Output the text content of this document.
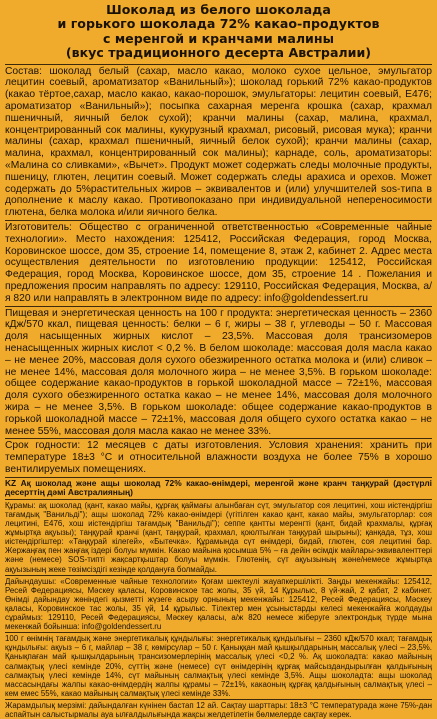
Шоколад из белого шоколада
и горького шоколада 72% какао-продуктов
с меренгой и кранчами малины
(вкус традиционного десерта Австралии)

Состав: шоколад белый (сахар, масло какао, молоко сухое цельное, эмульгатор лецитин соевый, ароматизатор «Ванильный»); шоколад горький 72% какао-продуктов (какао тёртое,сахар, масло какао, какао-порошок, эмульгаторы: лецитин соевый, Е476; ароматизатор «Ванильный»); посыпка сахарная меренга крошка (сахар, крахмал пшеничный, яичный белок сухой); кранчи малины (сахар, малина, крахмал, концентрированный сок малины, кукурузный крахмал, рисовый, рисовая мука); кранчи малины (сахар, крахмал пшеничный, яичный белок сухой); кранчи малины (сахар, малина, крахмал, концентрированный сок малины); карнаде, соль, ароматизаторы: «Малина со сливками», «Вычет». Продукт может содержать следы молочные продукты, пшеницу, глютен, лецитин соевый. Может содержать следы арахиса и орехов. Может содержать до 5%растительных жиров – эквивалентов и (или) улучшителей sos-типа в дополнение к маслу какао. Противопоказано при индивидуальной непереносимости глютена, белка молока и/или яичного белка.

Изготовитель: Общество с ограниченной ответственностью «Современные чайные технологии». Место нахождения: 125412, Российская Федерация, город Москва, Коровинское шоссе, дом 35, строение 14, помещение 8, этаж 2, кабинет 2. Адрес места осуществления деятельности по изготовлению продукции: 125412, Российская Федерация, город Москва, Коровинское шоссе, дом 35, строение 14 . Пожелания и предложения просим направлять по адресу: 129110, Российская Федерация, Москва, а/я 820 или направлять в электронном виде по адресу: info@goldendessert.ru

Пищевая и энергетическая ценность на 100 г продукта: энергетическая ценность – 2360 кДж/570 ккал, пищевая ценность: белки – 6 г, жиры – 38 г, углеводы – 50 г. Массовая доля насыщенных жирных кислот – 23,5%. Массовая доля трансизомеров ненасыщенных жирных кислот < 0,2 %. В белом шоколаде: массовая доля масла какао – не менее 20%, массовая доля сухого обезжиренного остатка молока и (или) сливок – не менее 14%, массовая доля молочного жира – не менее 3,5%. В горьком шоколаде: общее содержание какао-продуктов в горькой шоколадной массе – 72±1%, массовая доля сухого обезжиренного остатка какао – не менее 14%, массовая доля молочного жира – не менее 3,5%. В горьком шоколаде: общее содержание какао-продуктов в горькой шоколадной массе – 72±1%, массовая доля общего сухого остатка какао – не менее 55%, массовая доля масла какао не менее 33%.

Срок годности: 12 месяцев с даты изготовления. Условия хранения: хранить при температуре 18±3 °С и относительной влажности воздуха не более 75% в хорошо вентилируемых помещениях.

KZ Ақ шоколад және ащы шоколад 72% какао-өнімдері, меренгой және кранч таңқурай (дәстүрлі десерттің дәмі Австралияның)

Құрамы: ақ шоколад (қант, какао майы, құрғақ қаймағы алынбаған сүт, эмульгатор соя лецитині, хош иістендіргіш тағамдық "Ванильді"); ащы шоколад 72% какао-өнімдері (үгітілген какао қант, какао майы, эмульгаторлар: соя лецитині, Е476, хош иістендіргіш тағамдық "Ванильді"); сеппе қантты меренгті (қант, бидай крахмалы, құрғақ жұмыртқа ақуызы); таңқурай кранчі (қант, таңқурай, крахмал, қоюлтылған таңқурай шырыны); қанқада, тұз, хош иістендіргіштер: «Таңқурай кілегей», «Бытечка». Құрамында сүт өнімдері, бидай, глютен, соя лецитині бар. Жержаңғақ пен жаңғақ іздері болуы мүмкін. Какао майына қосымша 5% – ға дейін өсімдік майлары-эквиваленттері және (немесе) SOS-типті жақсартқыштар болуы мүмкін. Глютенің, сүт ақуызының және/немесе жұмыртқа ақуызының жеке төзімсіздігі кезінде қолдануға болмайды.

Дайындаушы: «Современные чайные технологии» Қоғам шектеулі жауапкершілікті. Заңды мекенжайы: 125412, Ресей Федерациясы, Мәскеу қаласы, Коровинское тас жолы, 35 үй, 14 Құрылыс, 8 үй-жай, 2 қабат, 2 кабинет. Өнімді дайындау жөніндегі қызметті жүзеге асыру орнының мекенжайы: 125412, Ресей Федерациясы, Мәскеу қаласы, Коровинское тас жолы, 35 үй, 14 құрылыс. Тілектер мен ұсыныстарды келесі мекенжайға жолдауды сұраймыз: 129110, Ресей Федерациясы, Мәскеу қаласы, а/ж 820 немесе жіберуге электрондық түрде мына мекенжай бойынша: info@goldendessert.ru

100 г өнімнің тағамдық және энергетикалық құндылығы: энергетикалық құндылығы – 2360 кДж/570 ккал; тағамдық құндылығы: ақуыз – 6 г, майлар – 38 г, көмірсулар – 50 г. Қаныққан май қышқылдарының массалық үлесі – 23,5%. Қанықпаған май қышқылдарының трансизомерлерінің массалық үлесі <0,2 %. Ақ шоколадта: какао майының салмақтық үлесі кемінде 20%, сүттің және (немесе) сүт өнімдерінің құрғақ майсыздандырылған қалдығының салмақтық үлесі кемінде 14%, сүт майының салмақтық үлесі кемінде 3,5%. Ащы шоколадта: ащы шоколад массасындағы жалпы какао-өнімдердің жалпы құрамы – 72±1%, какаоның құрғақ қалдығының салмақтық үлесі – кем емес 55%, какао майының салмақтық үлесі кемінде 33%.

Жарамдылық мерзімі: дайындалған күнінен бастап 12 ай. Сақтау шарттары: 18±3 °С температурада және 75%-дан аспайтын салыстырмалы ауа ылғалдылығында жақсы желдетілетін бөлмелерде сақтау керек.
